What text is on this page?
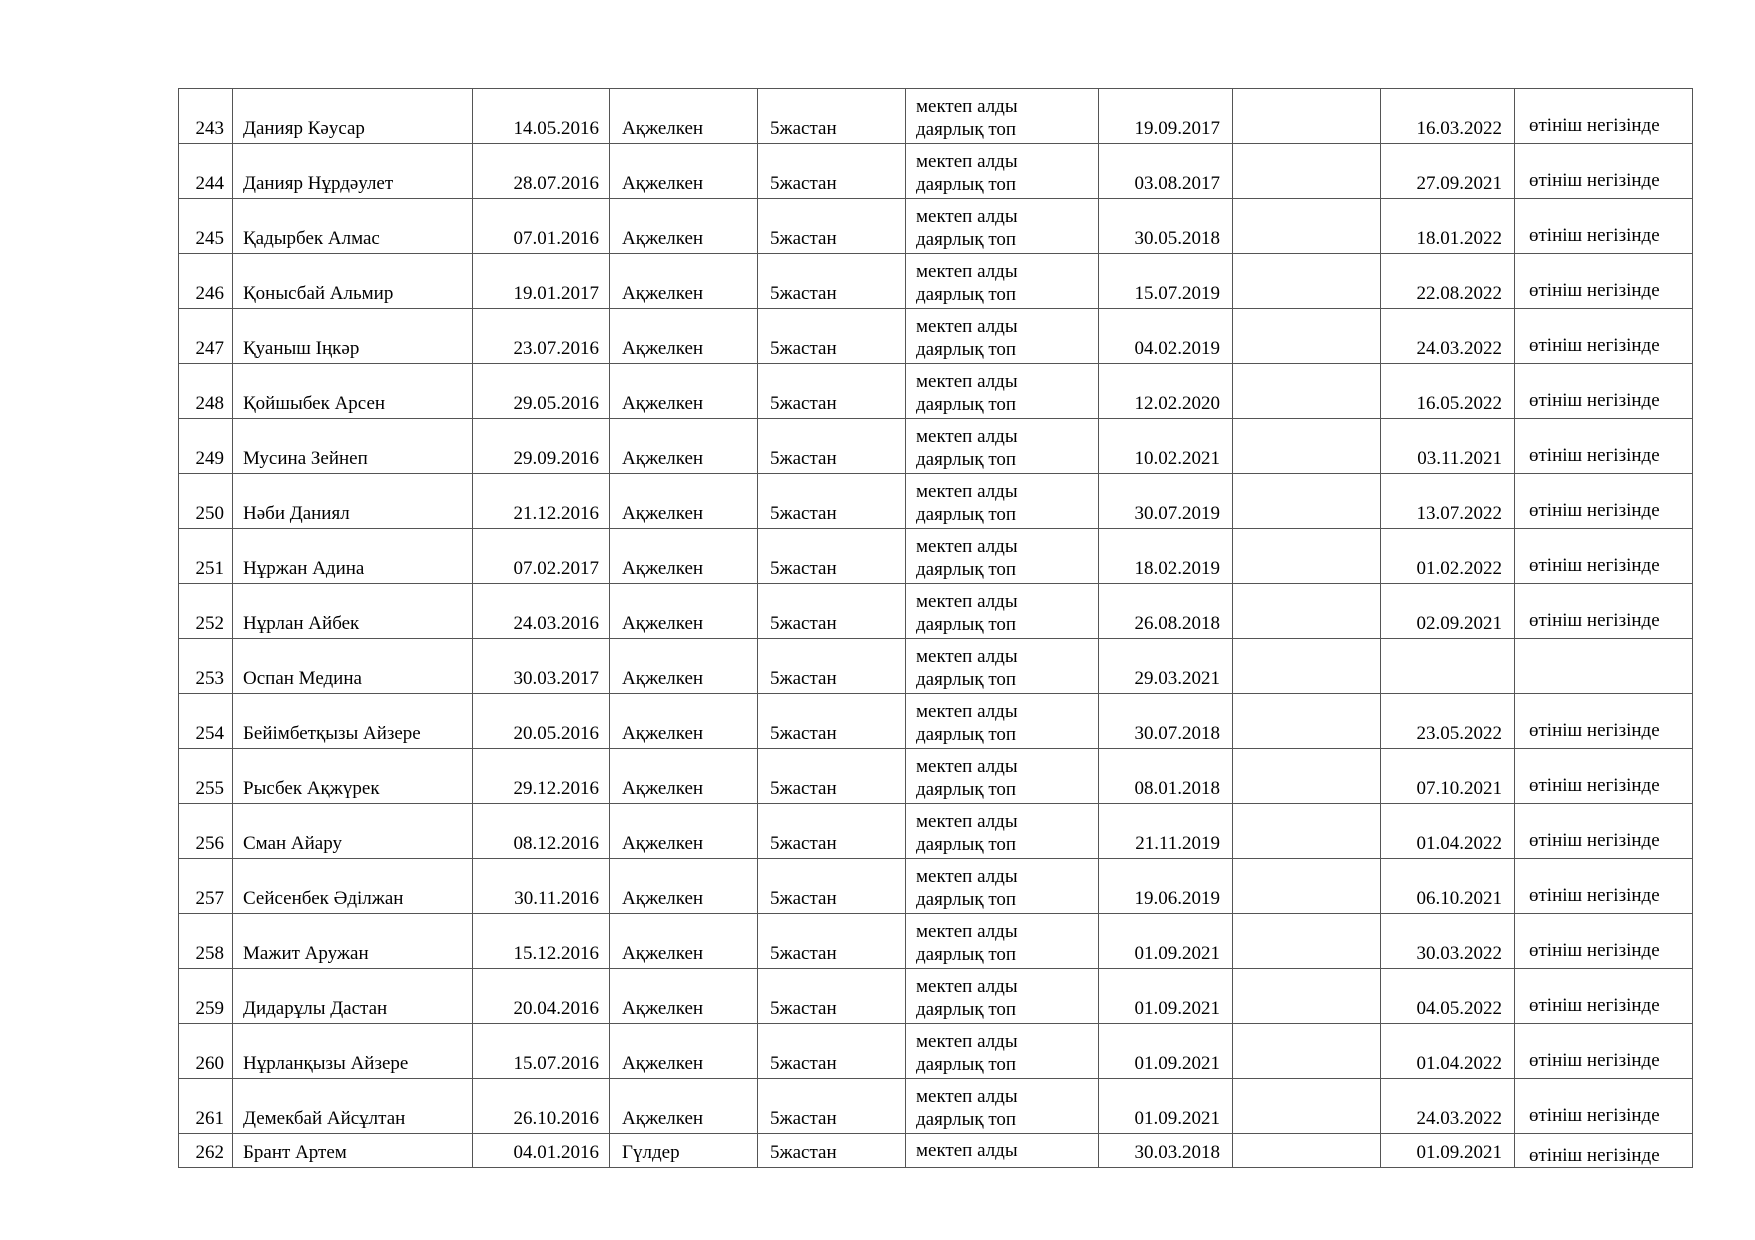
243	Данияр Кәусар	14.05.2016	Ақжелкен	5жастан	мектеп алды
даярлық топ	19.09.2017		16.03.2022	өтініш негізінде
244	Данияр Нұрдәулет	28.07.2016	Ақжелкен	5жастан	мектеп алды
даярлық топ	03.08.2017		27.09.2021	өтініш негізінде
245	Қадырбек Алмас	07.01.2016	Ақжелкен	5жастан	мектеп алды
даярлық топ	30.05.2018		18.01.2022	өтініш негізінде
246	Қонысбай Альмир	19.01.2017	Ақжелкен	5жастан	мектеп алды
даярлық топ	15.07.2019		22.08.2022	өтініш негізінде
247	Қуаныш Іңкәр	23.07.2016	Ақжелкен	5жастан	мектеп алды
даярлық топ	04.02.2019		24.03.2022	өтініш негізінде
248	Қойшыбек Арсен	29.05.2016	Ақжелкен	5жастан	мектеп алды
даярлық топ	12.02.2020		16.05.2022	өтініш негізінде
249	Мусина Зейнеп	29.09.2016	Ақжелкен	5жастан	мектеп алды
даярлық топ	10.02.2021		03.11.2021	өтініш негізінде
250	Нәби Даниял	21.12.2016	Ақжелкен	5жастан	мектеп алды
даярлық топ	30.07.2019		13.07.2022	өтініш негізінде
251	Нұржан Адина	07.02.2017	Ақжелкен	5жастан	мектеп алды
даярлық топ	18.02.2019		01.02.2022	өтініш негізінде
252	Нұрлан Айбек	24.03.2016	Ақжелкен	5жастан	мектеп алды
даярлық топ	26.08.2018		02.09.2021	өтініш негізінде
253	Оспан Медина	30.03.2017	Ақжелкен	5жастан	мектеп алды
даярлық топ	29.03.2021			
254	Бейімбетқызы Айзере	20.05.2016	Ақжелкен	5жастан	мектеп алды
даярлық топ	30.07.2018		23.05.2022	өтініш негізінде
255	Рысбек Ақжүрек	29.12.2016	Ақжелкен	5жастан	мектеп алды
даярлық топ	08.01.2018		07.10.2021	өтініш негізінде
256	Сман Айару	08.12.2016	Ақжелкен	5жастан	мектеп алды
даярлық топ	21.11.2019		01.04.2022	өтініш негізінде
257	Сейсенбек Әділжан	30.11.2016	Ақжелкен	5жастан	мектеп алды
даярлық топ	19.06.2019		06.10.2021	өтініш негізінде
258	Мажит Аружан	15.12.2016	Ақжелкен	5жастан	мектеп алды
даярлық топ	01.09.2021		30.03.2022	өтініш негізінде
259	Дидарұлы Дастан	20.04.2016	Ақжелкен	5жастан	мектеп алды
даярлық топ	01.09.2021		04.05.2022	өтініш негізінде
260	Нұрланқызы Айзере	15.07.2016	Ақжелкен	5жастан	мектеп алды
даярлық топ	01.09.2021		01.04.2022	өтініш негізінде
261	Демекбай Айсұлтан	26.10.2016	Ақжелкен	5жастан	мектеп алды
даярлық топ	01.09.2021		24.03.2022	өтініш негізінде
262	Брант Артем	04.01.2016	Гүлдер	5жастан	мектеп алды	30.03.2018		01.09.2021	өтініш негізінде
